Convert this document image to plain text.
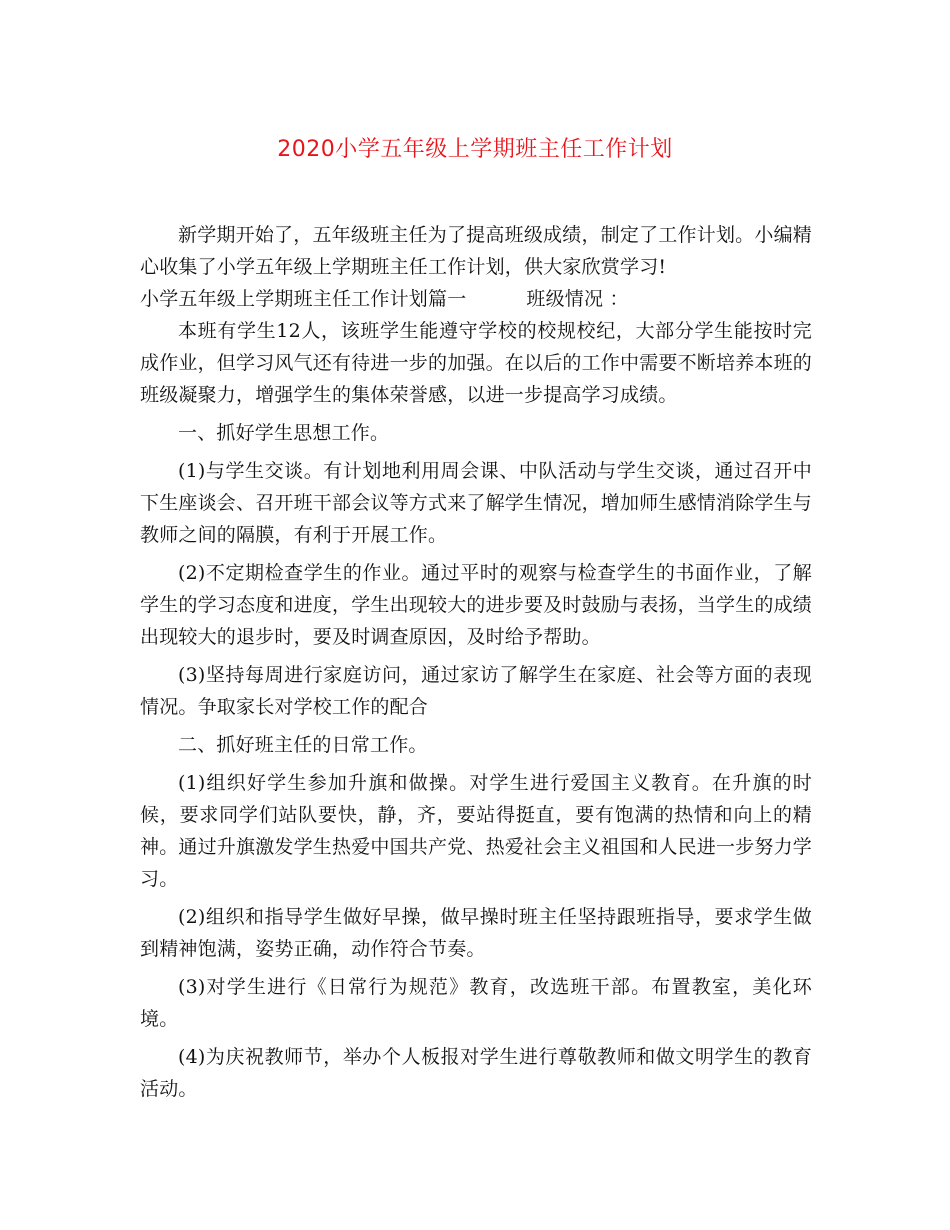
2020小学五年级上学期班主任工作计划

新学期开始了，五年级班主任为了提高班级成绩，制定了工作计划。小编精心收集了小学五年级上学期班主任工作计划，供大家欣赏学习!

小学五年级上学期班主任工作计划篇一	班级情况 ：

本班有学生12人，该班学生能遵守学校的校规校纪，大部分学生能按时完成作业，但学习风气还有待进一步的加强。在以后的工作中需要不断培养本班的班级凝聚力，增强学生的集体荣誉感，以进一步提高学习成绩。

一、抓好学生思想工作。

(1)与学生交谈。有计划地利用周会课、中队活动与学生交谈，通过召开中下生座谈会、召开班干部会议等方式来了解学生情况，增加师生感情消除学生与教师之间的隔膜，有利于开展工作。

(2)不定期检查学生的作业。通过平时的观察与检查学生的书面作业，了解学生的学习态度和进度，学生出现较大的进步要及时鼓励与表扬，当学生的成绩出现较大的退步时，要及时调查原因，及时给予帮助。

(3)坚持每周进行家庭访问，通过家访了解学生在家庭、社会等方面的表现情况。争取家长对学校工作的配合

二、抓好班主任的日常工作。

(1)组织好学生参加升旗和做操。对学生进行爱国主义教育。在升旗的时候，要求同学们站队要快，静，齐，要站得挺直，要有饱满的热情和向上的精神。通过升旗激发学生热爱中国共产党、热爱社会主义祖国和人民进一步努力学习。

(2)组织和指导学生做好早操，做早操时班主任坚持跟班指导，要求学生做到精神饱满，姿势正确，动作符合节奏。

(3)对学生进行《日常行为规范》教育，改选班干部。布置教室，美化环境。

(4)为庆祝教师节，举办个人板报对学生进行尊敬教师和做文明学生的教育活动。
